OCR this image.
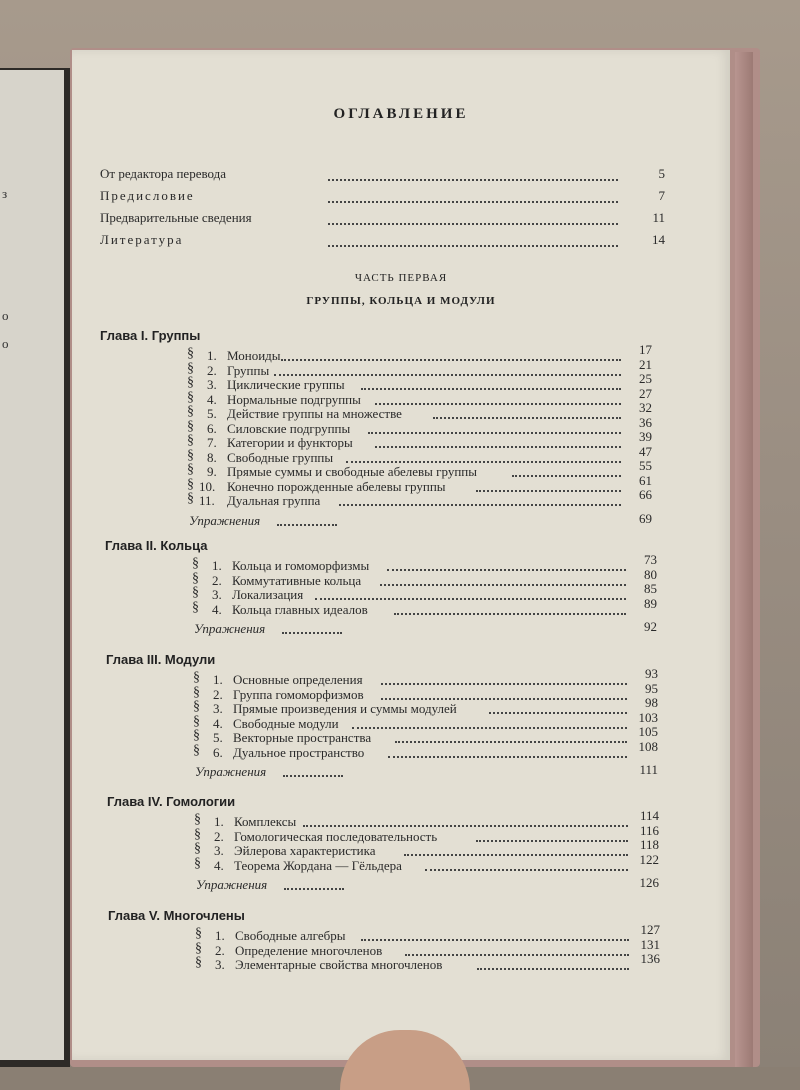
з
о
о
ОГЛАВЛЕНИЕ
От редактора перевода	5
Предисловие	7
Предварительные сведения	11
Литература	14
ЧАСТЬ ПЕРВАЯ
ГРУППЫ, КОЛЬЦА И МОДУЛИ
Глава I. Группы
§ 1. Моноиды	17
§ 2. Группы	21
§ 3. Циклические группы	25
§ 4. Нормальные подгруппы	27
§ 5. Действие группы на множестве	32
§ 6. Силовские подгруппы	36
§ 7. Категории и функторы	39
§ 8. Свободные группы	47
§ 9. Прямые суммы и свободные абелевы группы	55
§ 10. Конечно порожденные абелевы группы	61
§ 11. Дуальная группа	66
Упражнения	69
Глава II. Кольца
§ 1. Кольца и гомоморфизмы	73
§ 2. Коммутативные кольца	80
§ 3. Локализация	85
§ 4. Кольца главных идеалов	89
Упражнения	92
Глава III. Модули
§ 1. Основные определения	93
§ 2. Группа гомоморфизмов	95
§ 3. Прямые произведения и суммы модулей	98
§ 4. Свободные модули	103
§ 5. Векторные пространства	105
§ 6. Дуальное пространство	108
Упражнения	111
Глава IV. Гомологии
§ 1. Комплексы	114
§ 2. Гомологическая последовательность	116
§ 3. Эйлерова характеристика	118
§ 4. Теорема Жордана — Гёльдера	122
Упражнения	126
Глава V. Многочлены
§ 1. Свободные алгебры	127
§ 2. Определение многочленов	131
§ 3. Элементарные свойства многочленов	136
